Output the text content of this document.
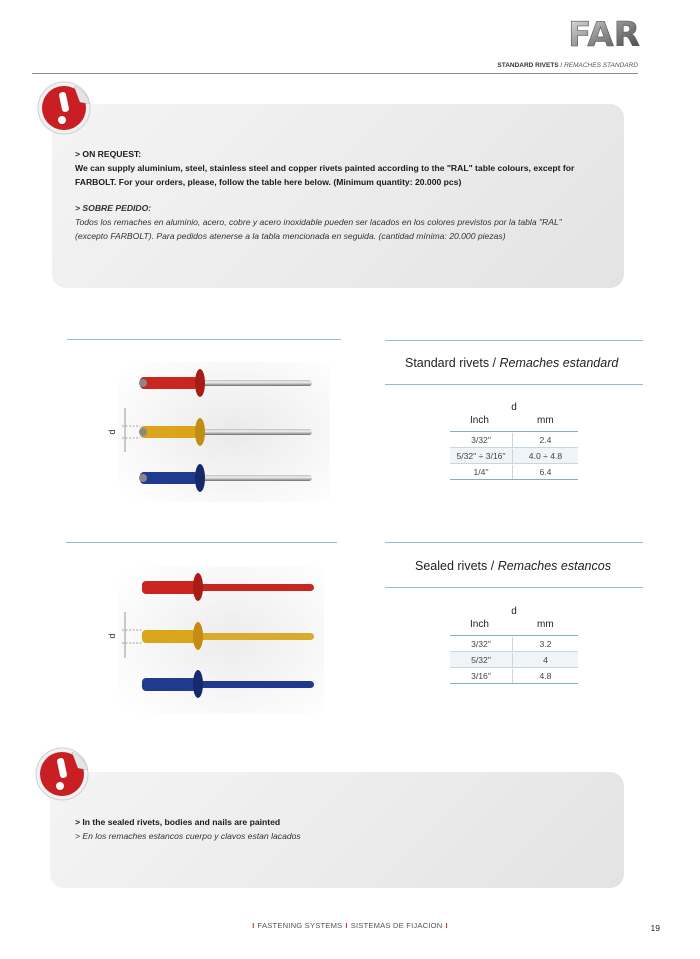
FAR
STANDARD RIVETS / REMACHES STANDARD
> ON REQUEST:
We can supply aluminium, steel, stainless steel and copper rivets painted according to the "RAL" table colours, except for
FARBOLT. For your orders, please, follow the table here below. (Minimum quantity: 20.000 pcs)
> SOBRE PEDIDO:
Todos los remaches en aluminio, acero, cobre y acero inoxidable pueden ser lacados en los colores previstos por la tabla "RAL"
(excepto FARBOLT). Para pedidos atenerse a la tabla mencionada en seguida. (cantidad mínima: 20.000 piezas)
d
Standard rivets / Remaches estandard
d
Inch	mm
3/32"	2.4
5/32" ÷ 3/16"	4.0 ÷ 4.8
1/4"	6.4
d
Sealed rivets / Remaches estancos
d
Inch	mm
3/32"	3.2
5/32"	4
3/16"	4.8
> In the sealed rivets, bodies and nails are painted
> En los remaches estancos cuerpo y clavos estan lacados
I FASTENING SYSTEMS I SISTEMAS DE FIJACION I	19
